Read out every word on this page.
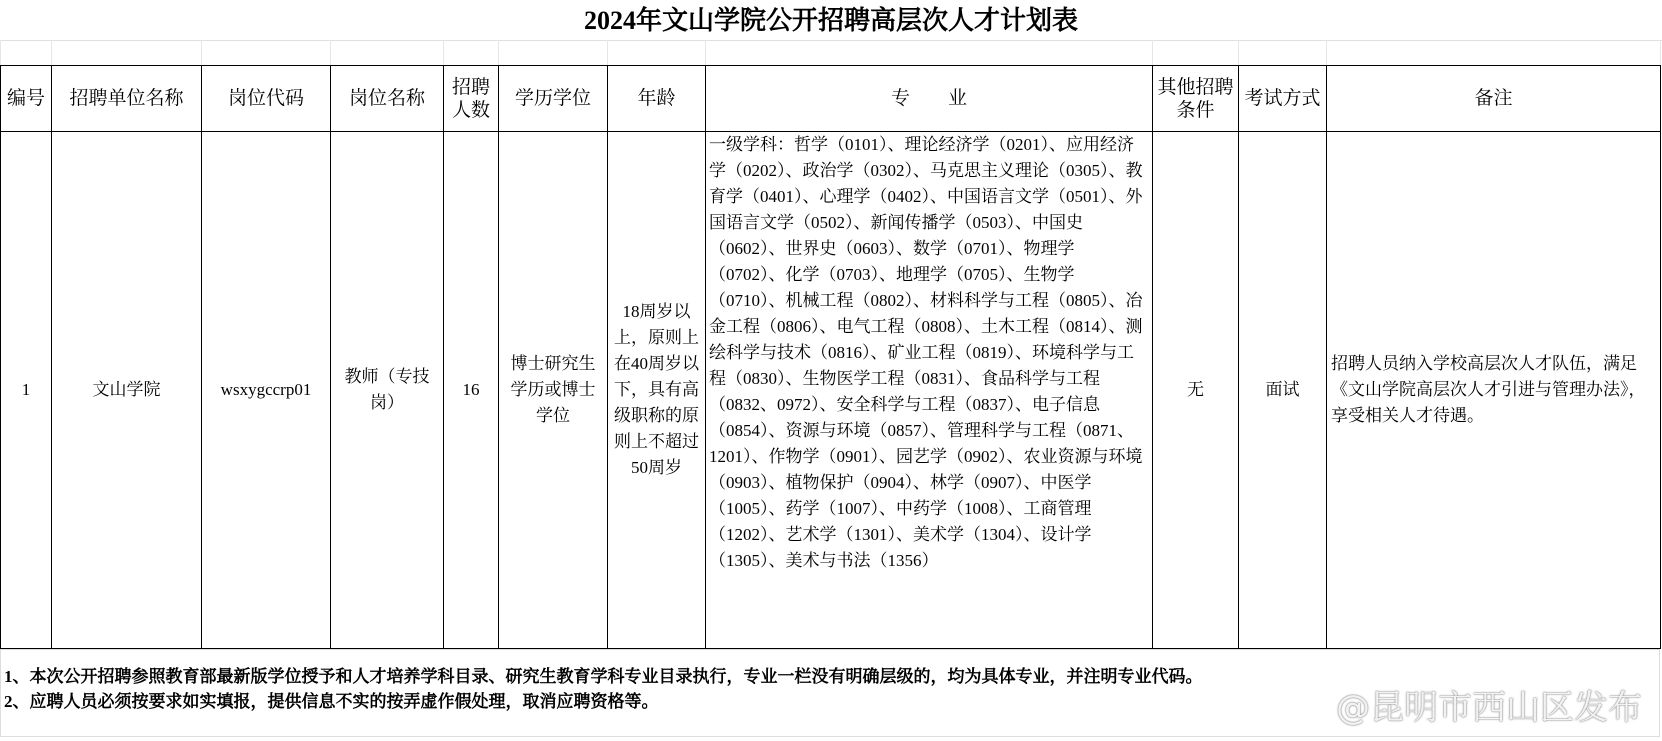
2024年文山学院公开招聘高层次人才计划表

编号	招聘单位名称	岗位代码	岗位名称	招聘人数	学历学位	年龄	专　　业	其他招聘条件	考试方式	备注
1	文山学院	wsxygccrp01	教师（专技岗）	16	博士研究生学历或博士学位	18周岁以上，原则上在40周岁以下，具有高级职称的原则上不超过50周岁	一级学科：哲学（0101）、理论经济学（0201）、应用经济学（0202）、政治学（0302）、马克思主义理论（0305）、教育学（0401）、心理学（0402）、中国语言文学（0501）、外国语言文学（0502）、新闻传播学（0503）、中国史（0602）、世界史（0603）、数学（0701）、物理学（0702）、化学（0703）、地理学（0705）、生物学（0710）、机械工程（0802）、材料科学与工程（0805）、冶金工程（0806）、电气工程（0808）、土木工程（0814）、测绘科学与技术（0816）、矿业工程（0819）、环境科学与工程（0830）、生物医学工程（0831）、食品科学与工程（0832、0972）、安全科学与工程（0837）、电子信息（0854）、资源与环境（0857）、管理科学与工程（0871、1201）、作物学（0901）、园艺学（0902）、农业资源与环境（0903）、植物保护（0904）、林学（0907）、中医学（1005）、药学（1007）、中药学（1008）、工商管理（1202）、艺术学（1301）、美术学（1304）、设计学（1305）、美术与书法（1356）	无	面试	招聘人员纳入学校高层次人才队伍，满足《文山学院高层次人才引进与管理办法》，享受相关人才待遇。
1、本次公开招聘参照教育部最新版学位授予和人才培养学科目录、研究生教育学科专业目录执行，专业一栏没有明确层级的，均为具体专业，并注明专业代码。
2、应聘人员必须按要求如实填报，提供信息不实的按弄虚作假处理，取消应聘资格等。	@昆明市西山区发布
